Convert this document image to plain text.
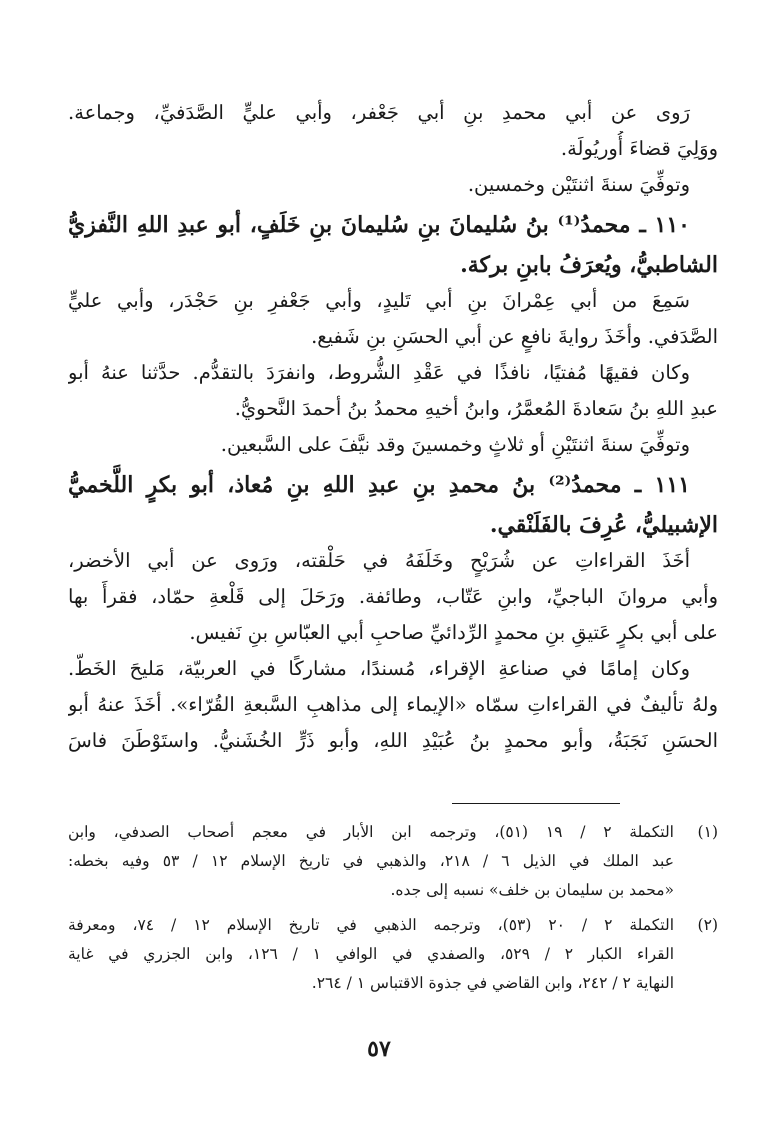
رَوى عن أبي محمدِ بنِ أبي جَعْفر، وأبي عليٍّ الصَّدَفيِّ، وجماعة.
ووَلِيَ قضاءَ أُوريُولَة.
وتوفِّيَ سنةَ اثنتَيْن وخمسين.
١١٠ ـ محمدُ⁽¹⁾ بنُ سُليمانَ بنِ سُليمانَ بنِ خَلَفٍ، أبو عبدِ اللهِ النَّفزيُّ
الشاطبيُّ، ويُعرَفُ بابنِ بركة.
سَمِعَ من أبي عِمْرانَ بنِ أبي تَليدٍ، وأبي جَعْفرِ بنِ حَجْدَر، وأبي عليٍّ
الصَّدَفي. وأخَذَ روايةَ نافعٍ عن أبي الحسَنِ بنِ شَفيع.
وكان فقيهًا مُفتيًا، نافذًا في عَقْدِ الشُّروط، وانفرَدَ بالتقدُّم. حدَّثنا عنهُ أبو
عبدِ اللهِ بنُ سَعادةَ المُعمَّرُ، وابنُ أخيهِ محمدُ بنُ أحمدَ النَّحويُّ.
وتوفِّيَ سنةَ اثنتَيْنِ أو ثلاثٍ وخمسينَ وقد نيَّفَ على السَّبعين.
١١١ ـ محمدُ⁽²⁾ بنُ محمدِ بنِ عبدِ اللهِ بنِ مُعاذ، أبو بكرٍ اللَّخميُّ
الإشبيليُّ، عُرِفَ بالفَلَنْقي.
أخَذَ القراءاتِ عن شُرَيْحٍ وخَلَفَهُ في حَلْقته، ورَوى عن أبي الأخضر،
وأبي مروانَ الباجيِّ، وابنِ عَتّاب، وطائفة. ورَحَلَ إلى قَلْعةِ حمّاد، فقرأَ بها
على أبي بكرٍ عَتيقِ بنِ محمدٍ الرِّدائيِّ صاحبِ أبي العبّاسِ بنِ نَفيس.
وكان إمامًا في صناعةِ الإقراء، مُسندًا، مشاركًا في العربيّة، مَليحَ الخَطّ.
ولهُ تأليفٌ في القراءاتِ سمّاه «الإيماء إلى مذاهبِ السَّبعةِ القُرّاء». أخَذَ عنهُ أبو
الحسَنِ نَجَبَةُ، وأبو محمدٍ بنُ عُبَيْدِ اللهِ، وأبو ذَرٍّ الخُشَنيُّ. واستَوْطَنَ فاسَ
(١)
التكملة ٢ / ١٩ (٥١)، وترجمه ابن الأبار في معجم أصحاب الصدفي، وابن
عبد الملك في الذيل ٦ / ٢١٨، والذهبي في تاريخ الإسلام ١٢ / ٥٣ وفيه بخطه:
«محمد بن سليمان بن خلف» نسبه إلى جده.
(٢)
التكملة ٢ / ٢٠ (٥٣)، وترجمه الذهبي في تاريخ الإسلام ١٢ / ٧٤، ومعرفة
القراء الكبار ٢ / ٥٢٩، والصفدي في الوافي ١ / ١٢٦، وابن الجزري في غاية
النهاية ٢ / ٢٤٢، وابن القاضي في جذوة الاقتباس ١ / ٢٦٤.
٥٧
